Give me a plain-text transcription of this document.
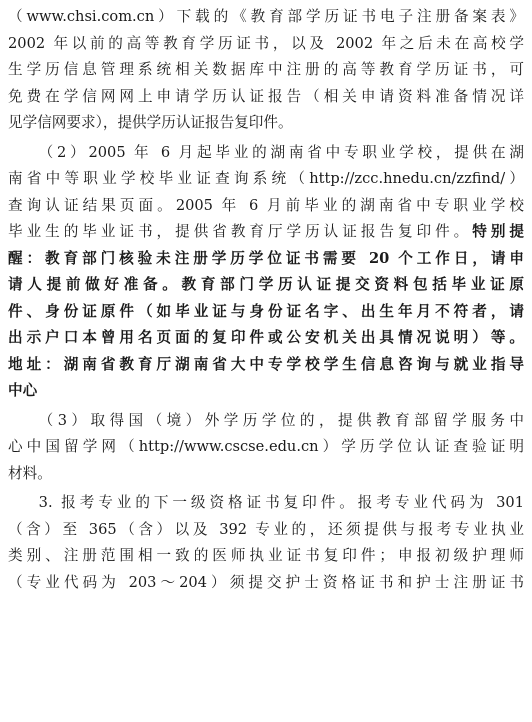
（www.chsi.com.cn）下载的《教育部学历证书电子注册备案表》
2002 年以前的高等教育学历证书，以及 2002 年之后未在高校学
生学历信息管理系统相关数据库中注册的高等教育学历证书，可
免费在学信网网上申请学历认证报告（相关申请资料准备情况详
见学信网要求），提供学历认证报告复印件。
（2）2005 年 6 月起毕业的湖南省中专职业学校，提供在湖
南省中等职业学校毕业证查询系统（http://zcc.hnedu.cn/zzfind/）
查询认证结果页面。2005 年 6 月前毕业的湖南省中专职业学校
毕业生的毕业证书，提供省教育厅学历认证报告复印件。特别提
醒：教育部门核验未注册学历学位证书需要 20 个工作日，请申
请人提前做好准备。教育部门学历认证提交资料包括毕业证原
件、身份证原件（如毕业证与身份证名字、出生年月不符者，请
出示户口本曾用名页面的复印件或公安机关出具情况说明）等。
地址：湖南省教育厅湖南省大中专学校学生信息咨询与就业指导
中心
（3）取得国（境）外学历学位的，提供教育部留学服务中
心中国留学网（http://www.cscse.edu.cn）学历学位认证查验证明
材料。
3. 报考专业的下一级资格证书复印件。报考专业代码为 301
（含）至 365（含）以及 392 专业的，还须提供与报考专业执业
类别、注册范围相一致的医师执业证书复印件；申报初级护理师
（专业代码为 203～204）须提交护士资格证书和护士注册证书
